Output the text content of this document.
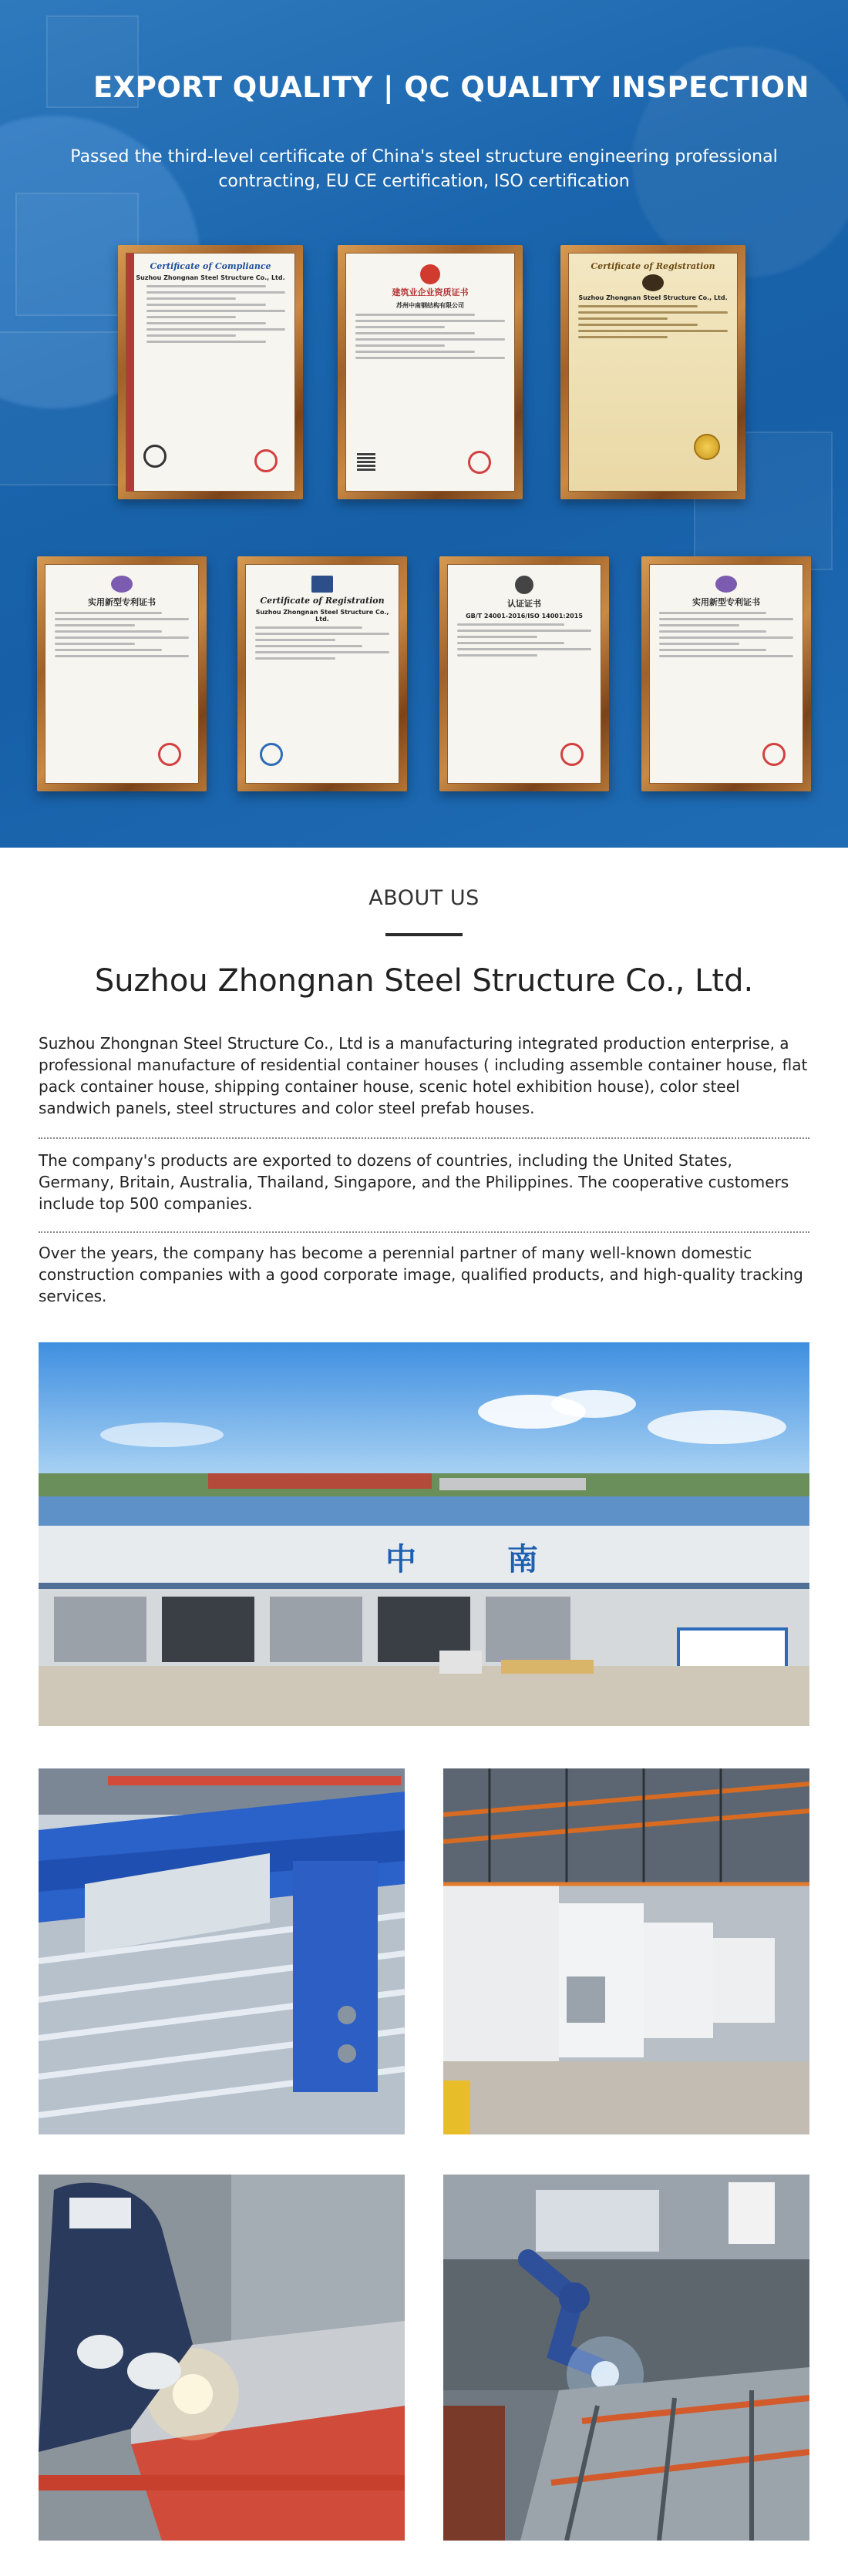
EXPORT QUALITY | QC QUALITY INSPECTION
Passed the third-level certificate of China's steel structure engineering professional contracting, EU CE certification, ISO certification
Certificate of Compliance
Suzhou Zhongnan Steel Structure Co., Ltd.
建筑业企业资质证书
苏州中南钢结构有限公司
Certificate of Registration
Suzhou Zhongnan Steel Structure Co., Ltd.
实用新型专利证书	Certificate of Registration
Suzhou Zhongnan Steel Structure Co., Ltd.
认证证书
GB/T 24001-2016/ISO 14001:2015
实用新型专利证书
ABOUT US
Suzhou Zhongnan Steel Structure Co., Ltd.

Suzhou Zhongnan Steel Structure Co., Ltd is a manufacturing integrated production enterprise, a professional manufacture of residential container houses ( including assemble container house, flat pack container house, shipping container house, scenic hotel exhibition house), color steel sandwich panels, steel structures and color steel prefab houses.

The company's products are exported to dozens of countries, including the United States, Germany, Britain, Australia, Thailand, Singapore, and the Philippines. The cooperative customers include top 500 companies.

Over the years, the company has become a perennial partner of many well-known domestic construction companies with a good corporate image, qualified products, and high-quality tracking services.

中 南
